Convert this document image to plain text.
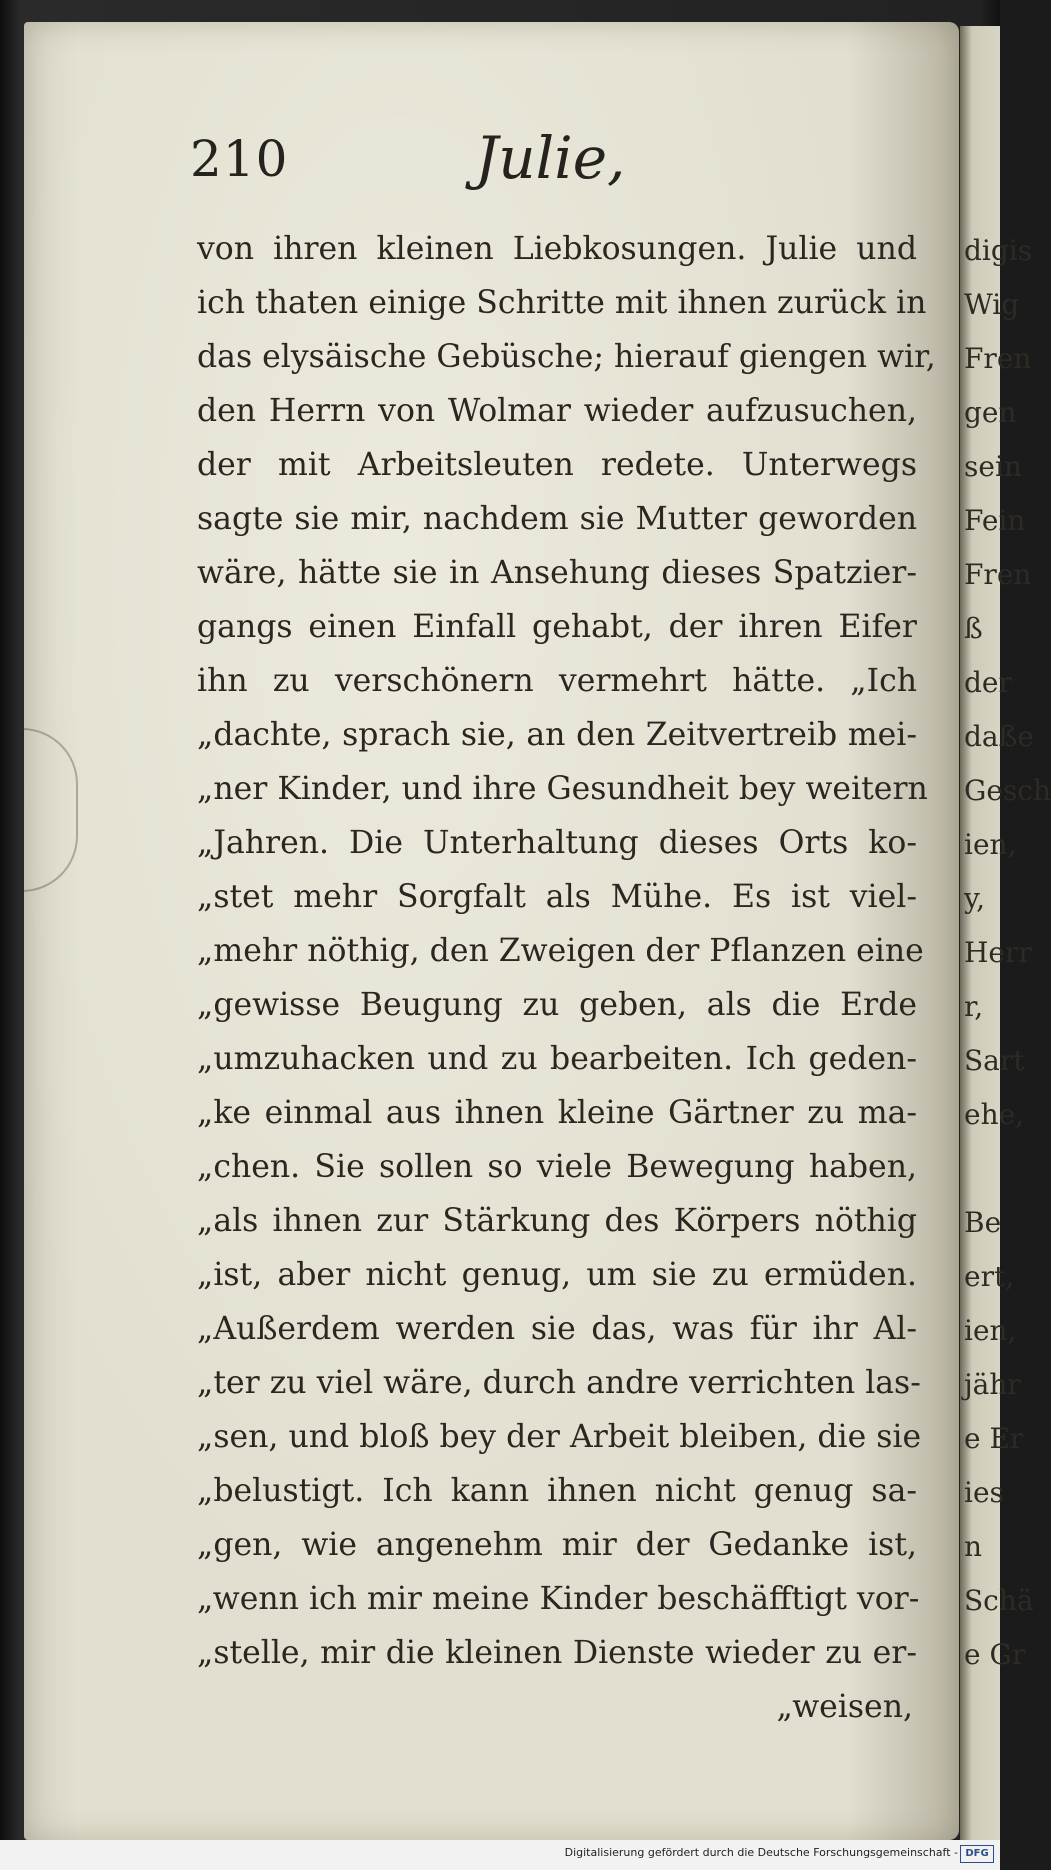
digis
Wig
Fren
gen
sein
Fein
Fren
ß
der
daße
Gesch
ien,
y,
Herr
r,
Sart
ehe,
Be
ert,
ien,
jähr
e Er
ies
n
Schä
e Gr
210	Julie,
von ihren kleinen Liebkosungen. Julie und
ich thaten einige Schritte mit ihnen zurück in
das elysäische Gebüsche; hierauf giengen wir,
den Herrn von Wolmar wieder aufzusuchen,
der mit Arbeitsleuten redete. Unterwegs
sagte sie mir, nachdem sie Mutter geworden
wäre, hätte sie in Ansehung dieses Spatzier-
gangs einen Einfall gehabt, der ihren Eifer
ihn zu verschönern vermehrt hätte. „Ich
„dachte, sprach sie, an den Zeitvertreib mei-
„ner Kinder, und ihre Gesundheit bey weitern
„Jahren. Die Unterhaltung dieses Orts ko-
„stet mehr Sorgfalt als Mühe. Es ist viel-
„mehr nöthig, den Zweigen der Pflanzen eine
„gewisse Beugung zu geben, als die Erde
„umzuhacken und zu bearbeiten. Ich geden-
„ke einmal aus ihnen kleine Gärtner zu ma-
„chen. Sie sollen so viele Bewegung haben,
„als ihnen zur Stärkung des Körpers nöthig
„ist, aber nicht genug, um sie zu ermüden.
„Außerdem werden sie das, was für ihr Al-
„ter zu viel wäre, durch andre verrichten las-
„sen, und bloß bey der Arbeit bleiben, die sie
„belustigt. Ich kann ihnen nicht genug sa-
„gen, wie angenehm mir der Gedanke ist,
„wenn ich mir meine Kinder beschäfftigt vor-
„stelle, mir die kleinen Dienste wieder zu er-
„weisen,
Digitalisierung gefördert durch die Deutsche Forschungsgemeinschaft - DFG
